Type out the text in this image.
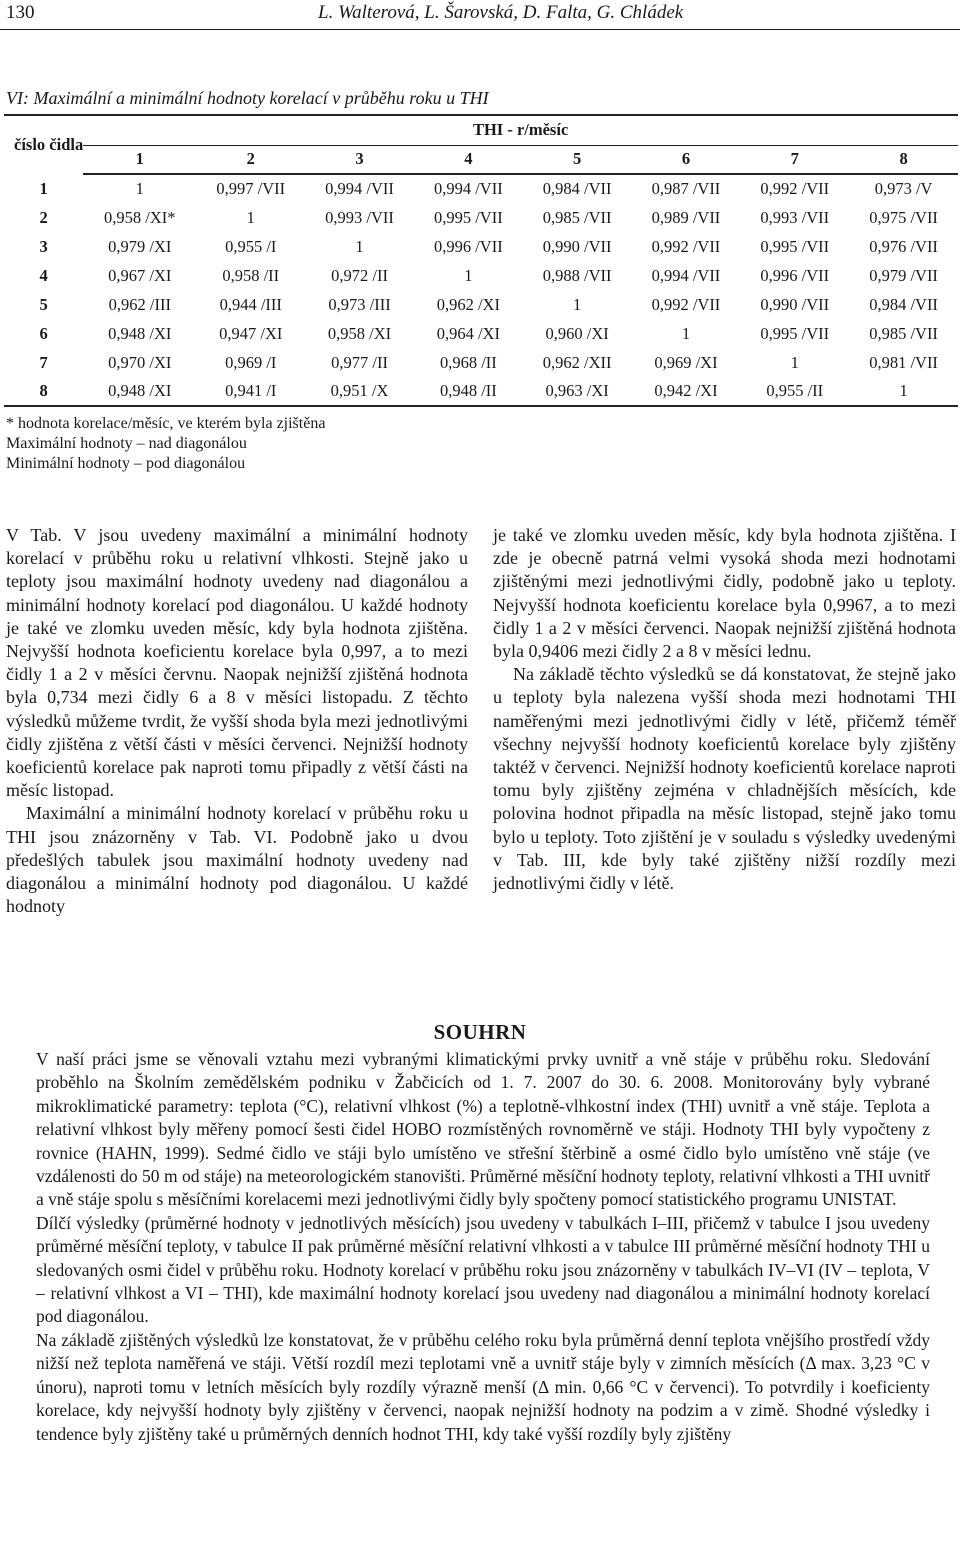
130	L. Walterová, L. Šarovská, D. Falta, G. Chládek
VI: Maximální a minimální hodnoty korelací v průběhu roku u THI
číslo čidla	THI - r/měsíc							
	1	2	3	4	5	6	7	8
1	1	0,997 /VII	0,994 /VII	0,994 /VII	0,984 /VII	0,987 /VII	0,992 /VII	0,973 /V
2	0,958 /XI*	1	0,993 /VII	0,995 /VII	0,985 /VII	0,989 /VII	0,993 /VII	0,975 /VII
3	0,979 /XI	0,955 /I	1	0,996 /VII	0,990 /VII	0,992 /VII	0,995 /VII	0,976 /VII
4	0,967 /XI	0,958 /II	0,972 /II	1	0,988 /VII	0,994 /VII	0,996 /VII	0,979 /VII
5	0,962 /III	0,944 /III	0,973 /III	0,962 /XI	1	0,992 /VII	0,990 /VII	0,984 /VII
6	0,948 /XI	0,947 /XI	0,958 /XI	0,964 /XI	0,960 /XI	1	0,995 /VII	0,985 /VII
7	0,970 /XI	0,969 /I	0,977 /II	0,968 /II	0,962 /XII	0,969 /XI	1	0,981 /VII
8	0,948 /XI	0,941 /I	0,951 /X	0,948 /II	0,963 /XI	0,942 /XI	0,955 /II	1
* hodnota korelace/měsíc, ve kterém byla zjištěna
Maximální hodnoty – nad diagonálou
Minimální hodnoty – pod diagonálou

V Tab. V jsou uvedeny maximální a minimální hodnoty korelací v průběhu roku u relativní vlhkosti. Stejně jako u teploty jsou maximální hodnoty uvedeny nad diagonálou a minimální hodnoty korelací pod diagonálou. U každé hodnoty je také ve zlomku uveden měsíc, kdy byla hodnota zjištěna. Nejvyšší hodnota koeficientu korelace byla 0,997, a to mezi čidly 1 a 2 v měsíci červnu. Naopak nejnižší zjištěná hodnota byla 0,734 mezi čidly 6 a 8 v měsíci listopadu. Z těchto výsledků můžeme tvrdit, že vyšší shoda byla mezi jednotlivými čidly zjištěna z větší části v měsíci červenci. Nejnižší hodnoty koeficientů korelace pak naproti tomu připadly z větší části na měsíc listopad.

Maximální a minimální hodnoty korelací v průběhu roku u THI jsou znázorněny v Tab. VI. Podobně jako u dvou předešlých tabulek jsou maximální hodnoty uvedeny nad diagonálou a minimální hodnoty pod diagonálou. U každé hodnoty

je také ve zlomku uveden měsíc, kdy byla hodnota zjištěna. I zde je obecně patrná velmi vysoká shoda mezi hodnotami zjištěnými mezi jednotlivými čidly, podobně jako u teploty. Nejvyšší hodnota koeficientu korelace byla 0,9967, a to mezi čidly 1 a 2 v měsíci červenci. Naopak nejnižší zjištěná hodnota byla 0,9406 mezi čidly 2 a 8 v měsíci lednu.

Na základě těchto výsledků se dá konstatovat, že stejně jako u teploty byla nalezena vyšší shoda mezi hodnotami THI naměřenými mezi jednotlivými čidly v létě, přičemž téměř všechny nejvyšší hodnoty koeficientů korelace byly zjištěny taktéž v červenci. Nejnižší hodnoty koeficientů korelace naproti tomu byly zjištěny zejména v chladnějších měsících, kde polovina hodnot připadla na měsíc listopad, stejně jako tomu bylo u teploty. Toto zjištění je v souladu s výsledky uvedenými v Tab. III, kde byly také zjištěny nižší rozdíly mezi jednotlivými čidly v létě.

SOUHRN

V naší práci jsme se věnovali vztahu mezi vybranými klimatickými prvky uvnitř a vně stáje v průběhu roku. Sledování proběhlo na Školním zemědělském podniku v Žabčicích od 1. 7. 2007 do 30. 6. 2008. Monitorovány byly vybrané mikroklimatické parametry: teplota (°C), relativní vlhkost (%) a teplotně-vlhkostní index (THI) uvnitř a vně stáje. Teplota a relativní vlhkost byly měřeny pomocí šesti čidel HOBO rozmístěných rovnoměrně ve stáji. Hodnoty THI byly vypočteny z rovnice (HAHN, 1999). Sedmé čidlo ve stáji bylo umístěno ve střešní štěrbině a osmé čidlo bylo umístěno vně stáje (ve vzdálenosti do 50 m od stáje) na meteorologickém stanovišti. Průměrné měsíční hodnoty teploty, relativní vlhkosti a THI uvnitř a vně stáje spolu s měsíčními korelacemi mezi jednotlivými čidly byly spočteny pomocí statistického programu UNISTAT.

Dílčí výsledky (průměrné hodnoty v jednotlivých měsících) jsou uvedeny v tabulkách I–III, přičemž v tabulce I jsou uvedeny průměrné měsíční teploty, v tabulce II pak průměrné měsíční relativní vlhkosti a v tabulce III průměrné měsíční hodnoty THI u sledovaných osmi čidel v průběhu roku. Hodnoty korelací v průběhu roku jsou znázorněny v tabulkách IV–VI (IV – teplota, V – relativní vlhkost a VI – THI), kde maximální hodnoty korelací jsou uvedeny nad diagonálou a minimální hodnoty korelací pod diagonálou.

Na základě zjištěných výsledků lze konstatovat, že v průběhu celého roku byla průměrná denní teplota vnějšího prostředí vždy nižší než teplota naměřená ve stáji. Větší rozdíl mezi teplotami vně a uvnitř stáje byly v zimních měsících (Δ max. 3,23 °C v únoru), naproti tomu v letních měsících byly rozdíly výrazně menší (Δ min. 0,66 °C v červenci). To potvrdily i koeficienty korelace, kdy nejvyšší hodnoty byly zjištěny v červenci, naopak nejnižší hodnoty na podzim a v zimě. Shodné výsledky i tendence byly zjištěny také u průměrných denních hodnot THI, kdy také vyšší rozdíly byly zjištěny
